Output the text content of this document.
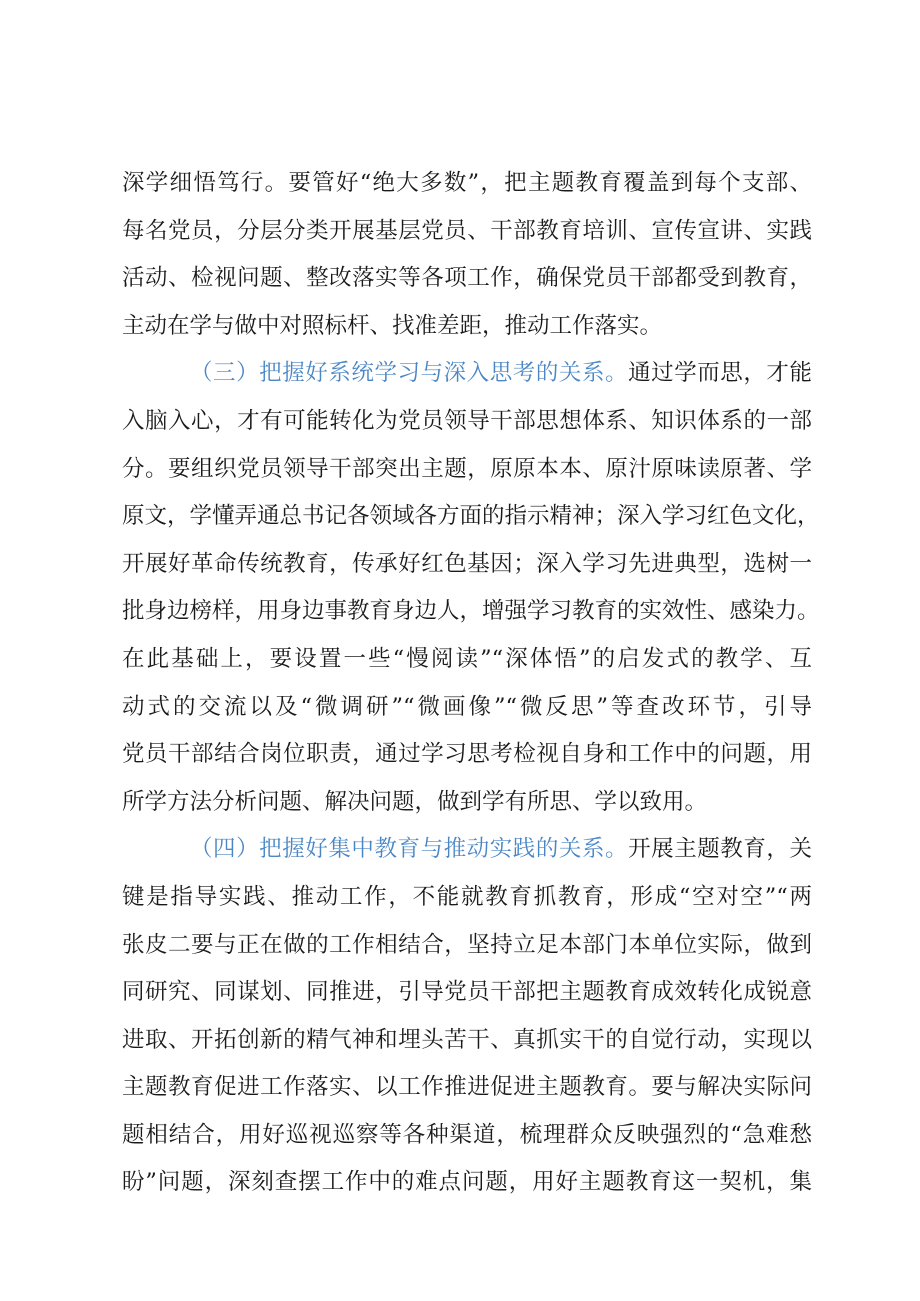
深学细悟笃行。要管好“绝大多数”，把主题教育覆盖到每个支部、
每名党员，分层分类开展基层党员、干部教育培训、宣传宣讲、实践
活动、检视问题、整改落实等各项工作，确保党员干部都受到教育，
主动在学与做中对照标杆、找准差距，推动工作落实。
（三）把握好系统学习与深入思考的关系。通过学而思，才能
入脑入心，才有可能转化为党员领导干部思想体系、知识体系的一部
分。要组织党员领导干部突出主题，原原本本、原汁原味读原著、学
原文，学懂弄通总书记各领域各方面的指示精神；深入学习红色文化，
开展好革命传统教育，传承好红色基因；深入学习先进典型，选树一
批身边榜样，用身边事教育身边人，增强学习教育的实效性、感染力。
在此基础上，要设置一些“慢阅读”“深体悟”的启发式的教学、互
动式的交流以及“微调研”“微画像”“微反思”等查改环节，引导
党员干部结合岗位职责，通过学习思考检视自身和工作中的问题，用
所学方法分析问题、解决问题，做到学有所思、学以致用。
（四）把握好集中教育与推动实践的关系。开展主题教育，关
键是指导实践、推动工作，不能就教育抓教育，形成“空对空”“两
张皮二要与正在做的工作相结合，坚持立足本部门本单位实际，做到
同研究、同谋划、同推进，引导党员干部把主题教育成效转化成锐意
进取、开拓创新的精气神和埋头苦干、真抓实干的自觉行动，实现以
主题教育促进工作落实、以工作推进促进主题教育。要与解决实际问
题相结合，用好巡视巡察等各种渠道，梳理群众反映强烈的“急难愁
盼”问题，深刻查摆工作中的难点问题，用好主题教育这一契机，集
